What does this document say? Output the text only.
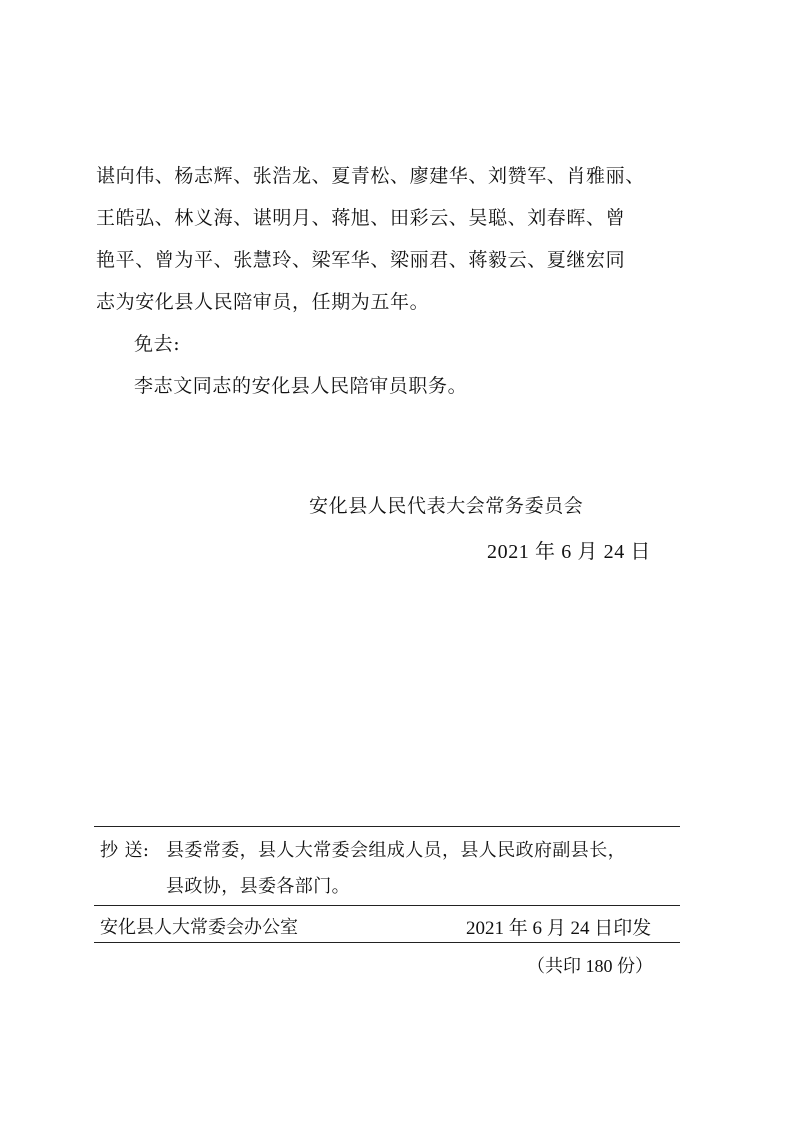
谌向伟、杨志辉、张浩龙、夏青松、廖建华、刘赞军、肖雅丽、
王皓弘、林义海、谌明月、蒋旭、田彩云、吴聪、刘春晖、曾
艳平、曾为平、张慧玲、梁军华、梁丽君、蒋毅云、夏继宏同
志为安化县人民陪审员，任期为五年。
免去:
李志文同志的安化县人民陪审员职务。
安化县人民代表大会常务委员会
2021 年 6 月 24 日
抄 送: 县委常委，县人大常委会组成人员，县人民政府副县长，
县政协，县委各部门。
安化县人大常委会办公室	2021 年 6 月 24 日印发
（共印 180 份）
